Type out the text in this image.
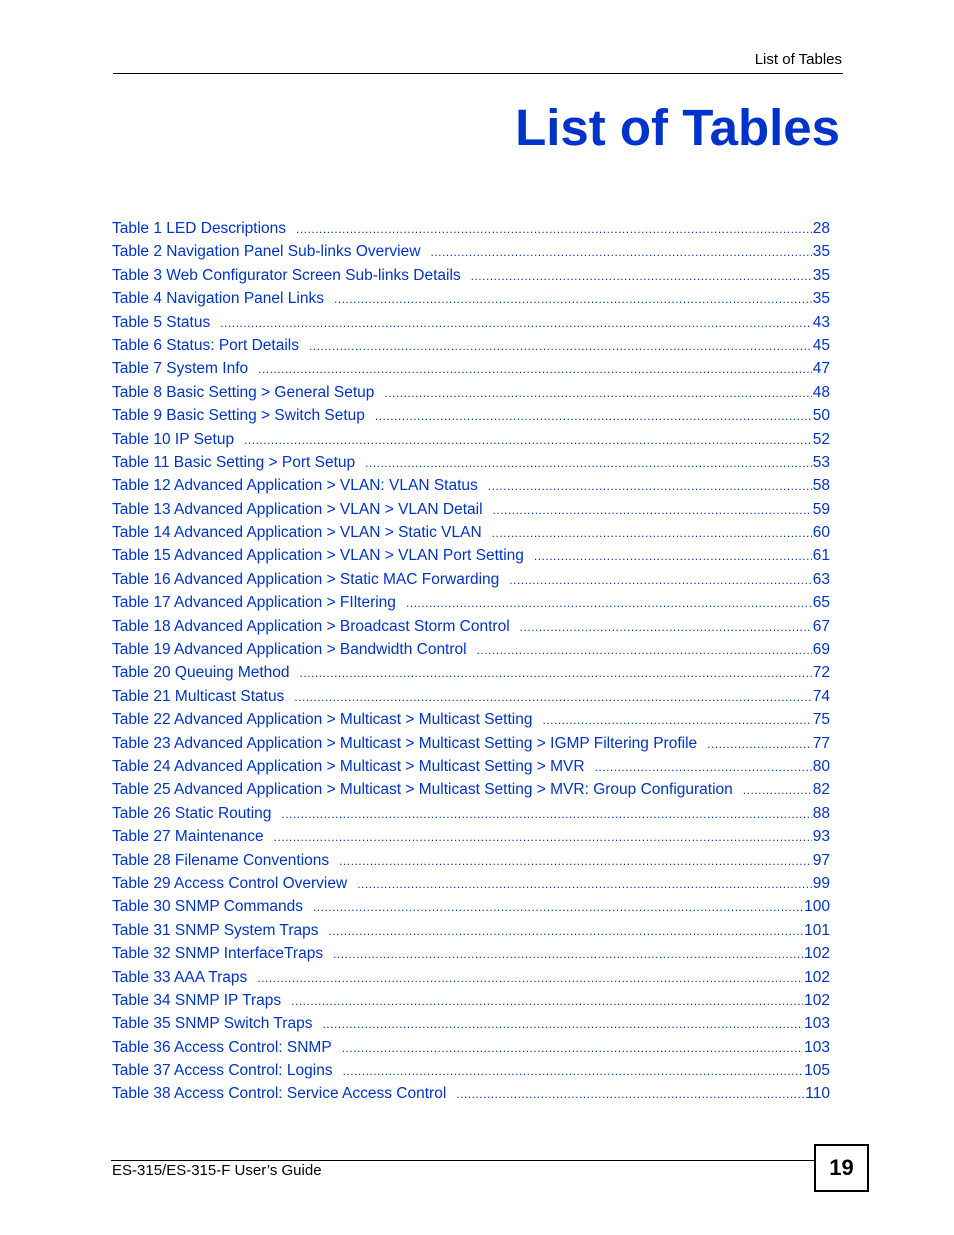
List of Tables
List of Tables
Table 1 LED Descriptions .....	28
Table 2 Navigation Panel Sub-links Overview .....	35
Table 3 Web Configurator Screen Sub-links Details .....	35
Table 4 Navigation Panel Links .....	35
Table 5 Status .....	43
Table 6 Status: Port Details .....	45
Table 7 System Info .....	47
Table 8 Basic Setting > General Setup .....	48
Table 9 Basic Setting > Switch Setup .....	50
Table 10 IP Setup .....	52
Table 11 Basic Setting > Port Setup .....	53
Table 12 Advanced Application > VLAN: VLAN Status .....	58
Table 13 Advanced Application > VLAN > VLAN Detail .....	59
Table 14 Advanced Application > VLAN > Static VLAN .....	60
Table 15 Advanced Application > VLAN > VLAN Port Setting .....	61
Table 16 Advanced Application > Static MAC Forwarding .....	63
Table 17 Advanced Application > FIltering .....	65
Table 18 Advanced Application > Broadcast Storm Control .....	67
Table 19 Advanced Application > Bandwidth Control .....	69
Table 20 Queuing Method .....	72
Table 21 Multicast Status .....	74
Table 22 Advanced Application > Multicast > Multicast Setting .....	75
Table 23 Advanced Application > Multicast > Multicast Setting > IGMP Filtering Profile .....	77
Table 24 Advanced Application > Multicast > Multicast Setting > MVR .....	80
Table 25 Advanced Application > Multicast > Multicast Setting > MVR: Group Configuration .....	82
Table 26 Static Routing .....	88
Table 27 Maintenance .....	93
Table 28 Filename Conventions .....	97
Table 29 Access Control Overview .....	99
Table 30 SNMP Commands .....	100
Table 31 SNMP System Traps .....	101
Table 32 SNMP InterfaceTraps .....	102
Table 33 AAA Traps .....	102
Table 34 SNMP IP Traps .....	102
Table 35 SNMP Switch Traps .....	103
Table 36 Access Control: SNMP .....	103
Table 37 Access Control: Logins .....	105
Table 38 Access Control: Service Access Control .....	110
ES-315/ES-315-F User’s Guide	19
